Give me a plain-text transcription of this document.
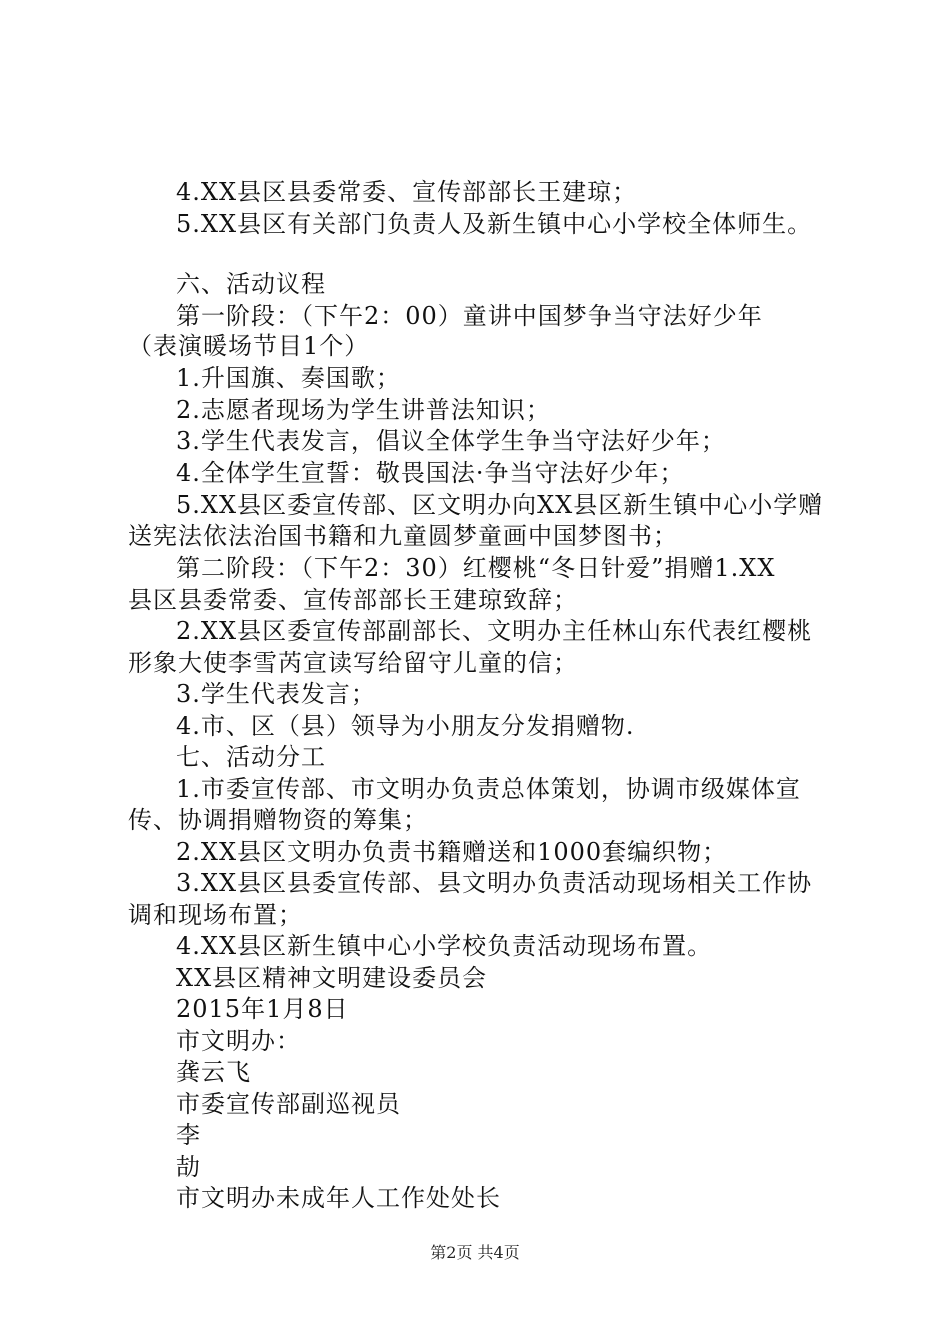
4.XX县区县委常委、宣传部部长王建琼；
5.XX县区有关部门负责人及新生镇中心小学校全体师生。
六、活动议程
第一阶段：（下午2：00）童讲中国梦争当守法好少年
（表演暖场节目1个）
1.升国旗、奏国歌；
2.志愿者现场为学生讲普法知识；
3.学生代表发言，倡议全体学生争当守法好少年；
4.全体学生宣誓：敬畏国法·争当守法好少年；
5.XX县区委宣传部、区文明办向XX县区新生镇中心小学赠
送宪法依法治国书籍和九童圆梦童画中国梦图书；
第二阶段：（下午2：30）红樱桃“冬日针爱”捐赠1.XX
县区县委常委、宣传部部长王建琼致辞；
2.XX县区委宣传部副部长、文明办主任林山东代表红樱桃
形象大使李雪芮宣读写给留守儿童的信；
3.学生代表发言；
4.市、区（县）领导为小朋友分发捐赠物.
七、活动分工
1.市委宣传部、市文明办负责总体策划，协调市级媒体宣
传、协调捐赠物资的筹集；
2.XX县区文明办负责书籍赠送和1000套编织物；
3.XX县区县委宣传部、县文明办负责活动现场相关工作协
调和现场布置；
4.XX县区新生镇中心小学校负责活动现场布置。
XX县区精神文明建设委员会
2015年1月8日
市文明办：
龚云飞
市委宣传部副巡视员
李
劼
市文明办未成年人工作处处长
第2页 共4页
